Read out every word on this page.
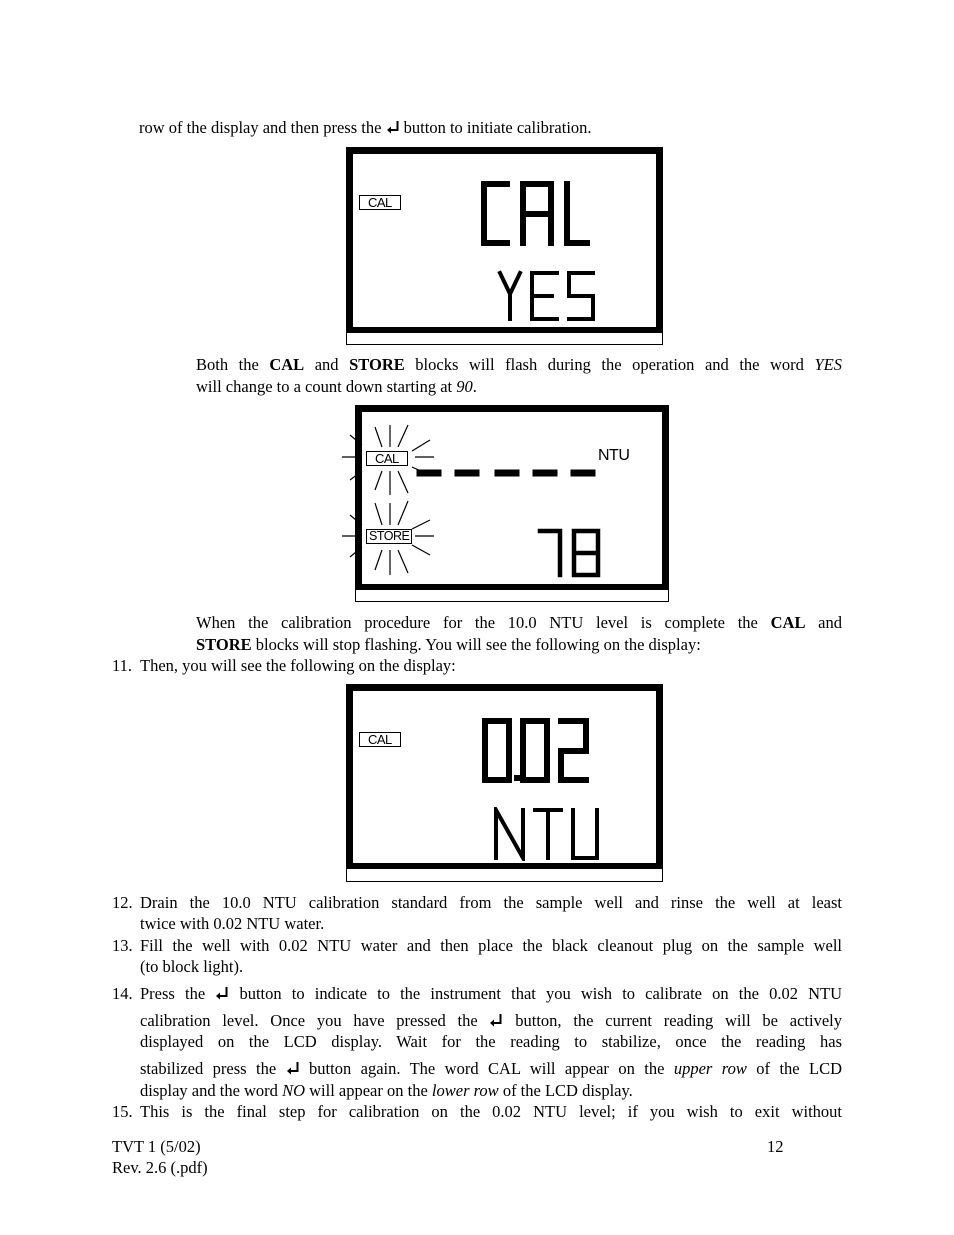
row of the display and then press the  button to initiate calibration.
CAL
Both the CAL and STORE blocks will flash during the operation and the word YES
will change to a count down starting at 90.
CAL
STORE
NTU
When the calibration procedure for the 10.0 NTU level is complete the CAL and
STORE blocks will stop flashing. You will see the following on the display:
11. Then, you will see the following on the display:
CAL
12. Drain the 10.0 NTU calibration standard from the sample well and rinse the well at least
twice with 0.02 NTU water.
13. Fill the well with 0.02 NTU water and then place the black cleanout plug on the sample well
(to block light).
14. Press the  button to indicate to the instrument that you wish to calibrate on the 0.02 NTU
calibration level. Once you have pressed the  button, the current reading will be actively
displayed on the LCD display. Wait for the reading to stabilize, once the reading has
stabilized press the  button again. The word CAL will appear on the upper row of the LCD
display and the word NO will appear on the lower row of the LCD display.
15. This is the final step for calibration on the 0.02 NTU level; if you wish to exit without
TVT 1 (5/02)
Rev. 2.6 (.pdf)
12
